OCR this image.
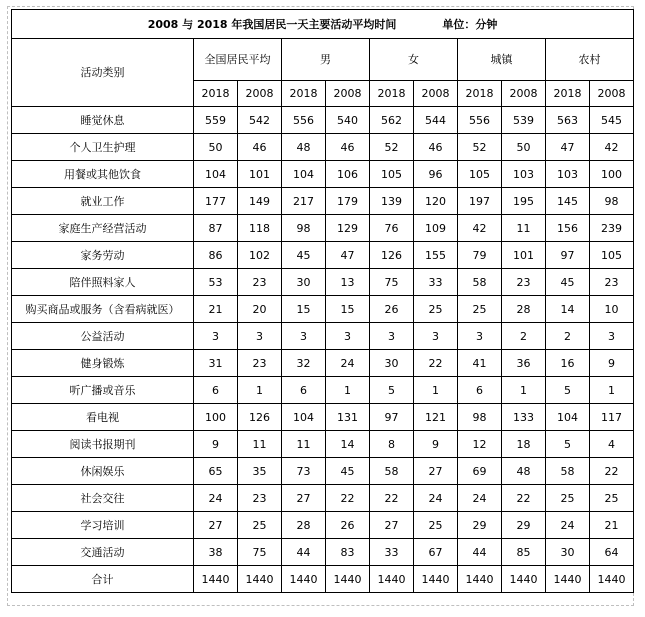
2008 与 2018 年我国居民一天主要活动平均时间 单位：分钟										
活动类别	全国居民平均		男		女		城镇		农村	
	2018	2008	2018	2008	2018	2008	2018	2008	2018	2008
睡觉休息	559	542	556	540	562	544	556	539	563	545
个人卫生护理	50	46	48	46	52	46	52	50	47	42
用餐或其他饮食	104	101	104	106	105	96	105	103	103	100
就业工作	177	149	217	179	139	120	197	195	145	98
家庭生产经营活动	87	118	98	129	76	109	42	11	156	239
家务劳动	86	102	45	47	126	155	79	101	97	105
陪伴照料家人	53	23	30	13	75	33	58	23	45	23
购买商品或服务（含看病就医）	21	20	15	15	26	25	25	28	14	10
公益活动	3	3	3	3	3	3	3	2	2	3
健身锻炼	31	23	32	24	30	22	41	36	16	9
听广播或音乐	6	1	6	1	5	1	6	1	5	1
看电视	100	126	104	131	97	121	98	133	104	117
阅读书报期刊	9	11	11	14	8	9	12	18	5	4
休闲娱乐	65	35	73	45	58	27	69	48	58	22
社会交往	24	23	27	22	22	24	24	22	25	25
学习培训	27	25	28	26	27	25	29	29	24	21
交通活动	38	75	44	83	33	67	44	85	30	64
合计	1440	1440	1440	1440	1440	1440	1440	1440	1440	1440
